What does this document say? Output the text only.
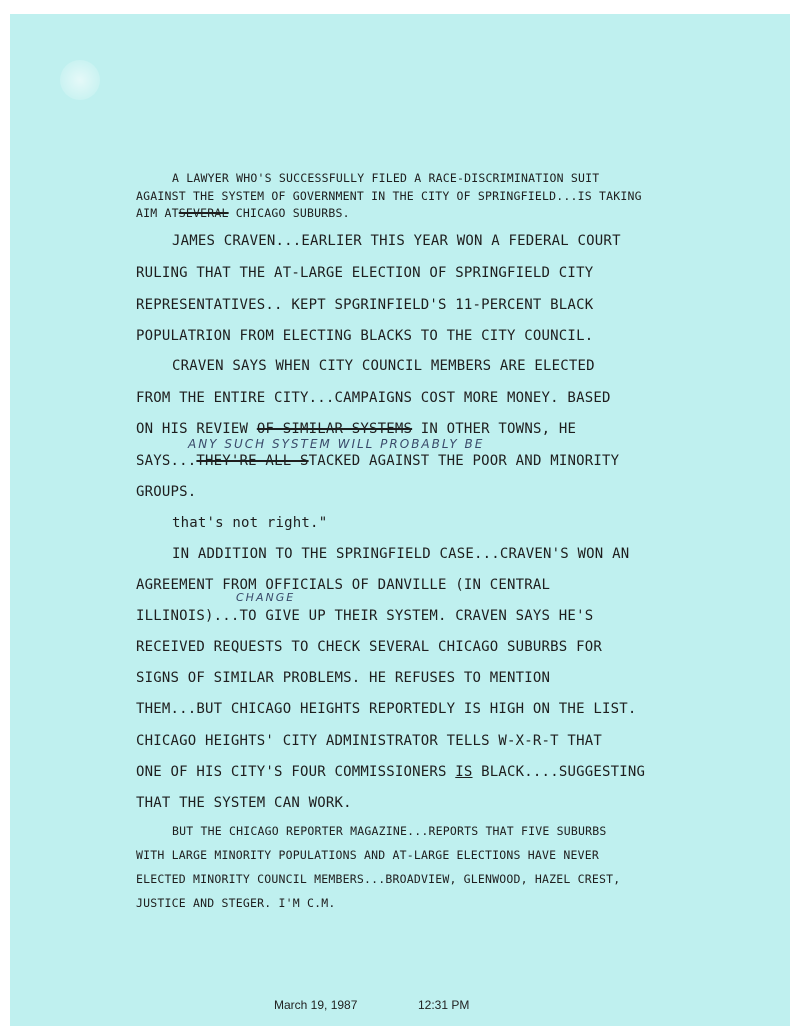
A LAWYER WHO'S SUCCESSFULLY FILED A RACE-DISCRIMINATION SUIT
AGAINST THE SYSTEM OF GOVERNMENT IN THE CITY OF SPRINGFIELD...IS TAKING
AIM ATSEVERAL CHICAGO SUBURBS.
JAMES CRAVEN...EARLIER THIS YEAR WON A FEDERAL COURT
RULING THAT THE AT-LARGE ELECTION OF SPRINGFIELD CITY
REPRESENTATIVES.. KEPT SPGRINFIELD'S 11-PERCENT BLACK
POPULATRION FROM ELECTING BLACKS TO THE CITY COUNCIL.
CRAVEN SAYS WHEN CITY COUNCIL MEMBERS ARE ELECTED
FROM THE ENTIRE CITY...CAMPAIGNS COST MORE MONEY. BASED
ON HIS REVIEW OF SIMILAR SYSTEMS IN OTHER TOWNS, HE
ANY SUCH SYSTEM WILL PROBABLY BE
SAYS...THEY'RE ALL STACKED AGAINST THE POOR AND MINORITY
GROUPS.
that's not right."
IN ADDITION TO THE SPRINGFIELD CASE...CRAVEN'S WON AN
AGREEMENT FROM OFFICIALS OF DANVILLE (IN CENTRAL
CHANGE
ILLINOIS)...TO GIVE UP THEIR SYSTEM. CRAVEN SAYS HE'S
RECEIVED REQUESTS TO CHECK SEVERAL CHICAGO SUBURBS FOR
SIGNS OF SIMILAR PROBLEMS. HE REFUSES TO MENTION
THEM...BUT CHICAGO HEIGHTS REPORTEDLY IS HIGH ON THE LIST.
CHICAGO HEIGHTS' CITY ADMINISTRATOR TELLS W-X-R-T THAT
ONE OF HIS CITY'S FOUR COMMISSIONERS IS BLACK....SUGGESTING
THAT THE SYSTEM CAN WORK.
BUT THE CHICAGO REPORTER MAGAZINE...REPORTS THAT FIVE SUBURBS
WITH LARGE MINORITY POPULATIONS AND AT-LARGE ELECTIONS HAVE NEVER
ELECTED MINORITY COUNCIL MEMBERS...BROADVIEW, GLENWOOD, HAZEL CREST,
JUSTICE AND STEGER. I'M C.M.
March 19, 1987	12:31 PM
